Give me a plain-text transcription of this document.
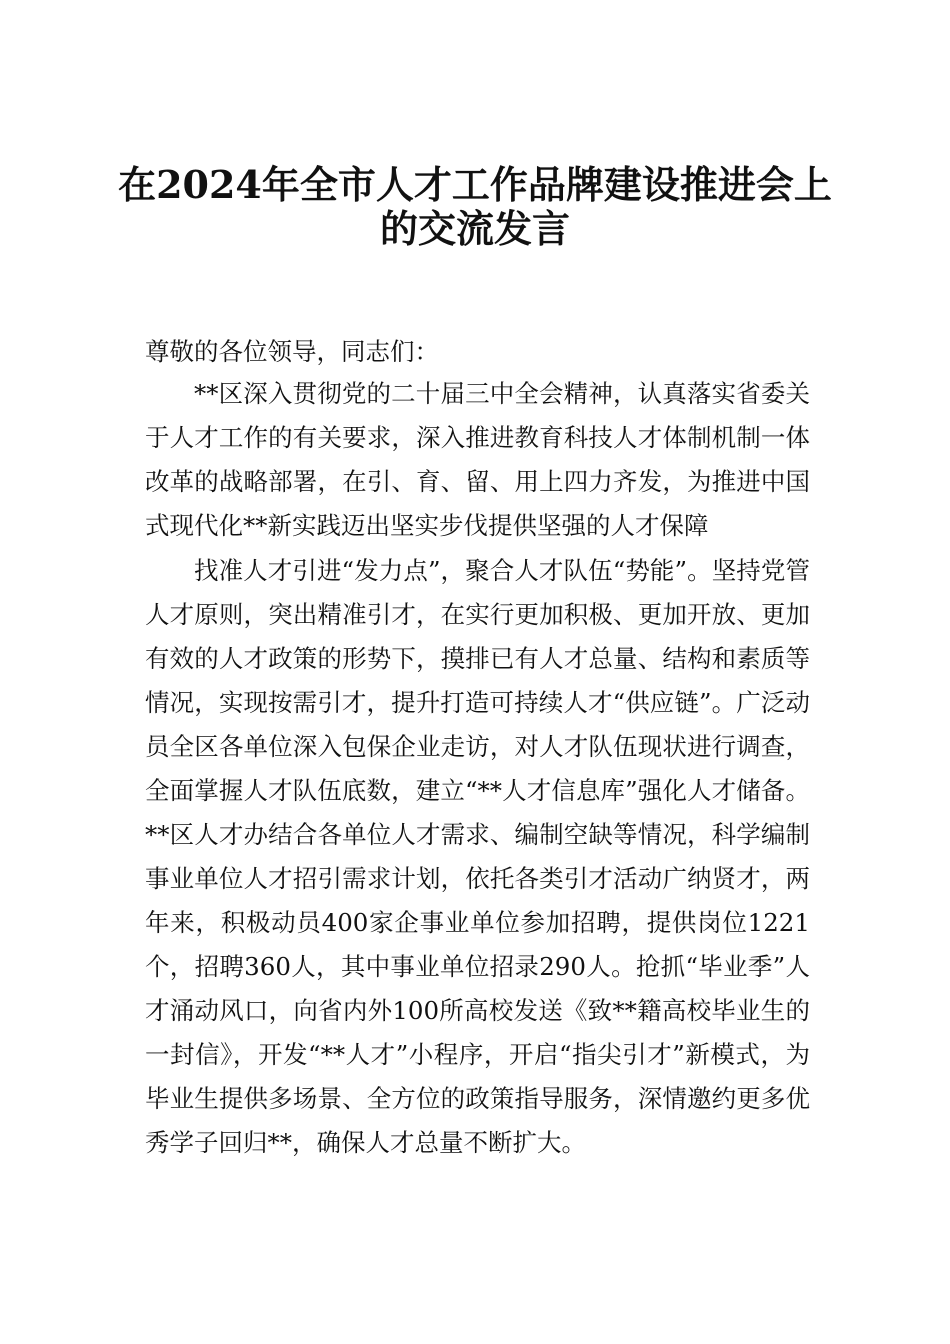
在2024年全市人才工作品牌建设推进会上
的交流发言
尊敬的各位领导，同志们：

**区深入贯彻党的二十届三中全会精神，认真落实省委关于人才工作的有关要求，深入推进教育科技人才体制机制一体改革的战略部署，在引、育、留、用上四力齐发，为推进中国式现代化**新实践迈出坚实步伐提供坚强的人才保障

找准人才引进“发力点”，聚合人才队伍“势能”。坚持党管人才原则，突出精准引才，在实行更加积极、更加开放、更加有效的人才政策的形势下，摸排已有人才总量、结构和素质等情况，实现按需引才，提升打造可持续人才“供应链”。广泛动员全区各单位深入包保企业走访，对人才队伍现状进行调查，全面掌握人才队伍底数，建立“**人才信息库”强化人才储备。**区人才办结合各单位人才需求、编制空缺等情况，科学编制事业单位人才招引需求计划，依托各类引才活动广纳贤才，两年来，积极动员400家企事业单位参加招聘，提供岗位1221个，招聘360人，其中事业单位招录290人。抢抓“毕业季”人才涌动风口，向省内外100所高校发送《致**籍高校毕业生的一封信》，开发“**人才”小程序，开启“指尖引才”新模式，为毕业生提供多场景、全方位的政策指导服务，深情邀约更多优秀学子回归**，确保人才总量不断扩大。
